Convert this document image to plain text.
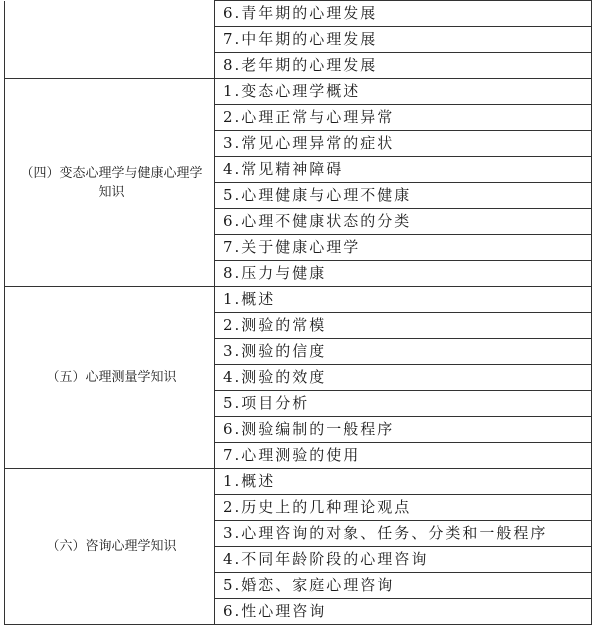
	6.青年期的心理发展
	7.中年期的心理发展
	8.老年期的心理发展
（四）变态心理学与健康心理学知识	1.变态心理学概述
	2.心理正常与心理异常
	3.常见心理异常的症状
	4.常见精神障碍
	5.心理健康与心理不健康
	6.心理不健康状态的分类
	7.关于健康心理学
	8.压力与健康
（五）心理测量学知识	1.概述
	2.测验的常模
	3.测验的信度
	4.测验的效度
	5.项目分析
	6.测验编制的一般程序
	7.心理测验的使用
（六）咨询心理学知识	1.概述
	2.历史上的几种理论观点
	3.心理咨询的对象、任务、分类和一般程序
	4.不同年龄阶段的心理咨询
	5.婚恋、家庭心理咨询
	6.性心理咨询
